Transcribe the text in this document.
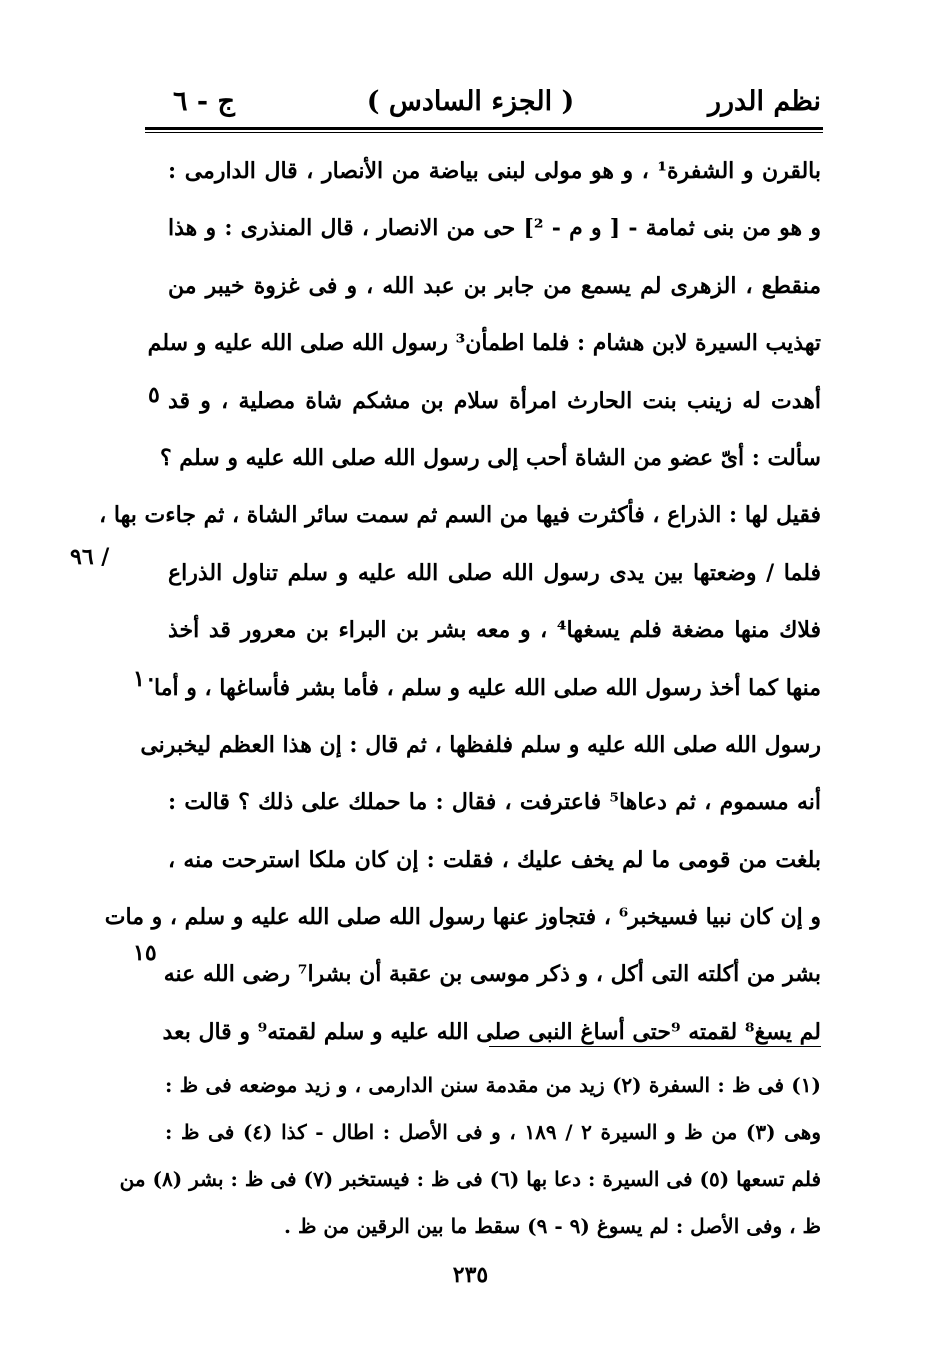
نظم الدرر
( الجزء السادس )
ج - ٦
بالقرن و الشفرة¹ ، و هو مولى لبنى بياضة من الأنصار ، قال الدارمى :
و هو من بنى ثمامة - [ و م - ²] حى من الانصار ، قال المنذرى : و هذا
منقطع ، الزهرى لم يسمع من جابر بن عبد الله ، و فى غزوة خيبر من
تهذيب السيرة لابن هشام : فلما اطمأن³ رسول الله صلى الله عليه و سلم
أهدت له زينب بنت الحارث امرأة سلام بن مشكم شاة مصلية ، و قد
سألت : أىّ عضو من الشاة أحب إلى رسول الله صلى الله عليه و سلم ؟
فقيل لها : الذراع ، فأكثرت فيها من السم ثم سمت سائر الشاة ، ثم جاءت بها ،
فلما / وضعتها بين يدى رسول الله صلى الله عليه و سلم تناول الذراع
فلاك منها مضغة فلم يسغها⁴ ، و معه بشر بن البراء بن معرور قد أخذ
منها كما أخذ رسول الله صلى الله عليه و سلم ، فأما بشر فأساغها ، و أما
رسول الله صلى الله عليه و سلم فلفظها ، ثم قال : إن هذا العظم ليخبرنى
أنه مسموم ، ثم دعاها⁵ فاعترفت ، فقال : ما حملك على ذلك ؟ قالت :
بلغت من قومى ما لم يخف عليك ، فقلت : إن كان ملكا استرحت منه ،
و إن كان نبيا فسيخبر⁶ ، فتجاوز عنها رسول الله صلى الله عليه و سلم ، و مات
بشر من أكلته التى أكل ، و ذكر موسى بن عقبة أن بشرا⁷ رضى الله عنه
لم يسغ⁸ لقمته ⁹حتى أساغ النبى صلى الله عليه و سلم لقمته⁹ و قال بعد
٥
/ ٩٦
١٠
١٥
(١) فى ظ : السفرة (٢) زيد من مقدمة سنن الدارمى ، و زيد موضعه فى ظ :
وهى (٣) من ظ و السيرة ٢ / ١٨٩ ، و فى الأصل : اطال - كذا (٤) فى ظ :
فلم تسعها (٥) فى السيرة : دعا بها (٦) فى ظ : فيستخبر (٧) فى ظ : بشر (٨) من
ظ ، وفى الأصل : لم يسوغ (٩ - ٩) سقط ما بين الرقين من ظ .
٢٣٥
